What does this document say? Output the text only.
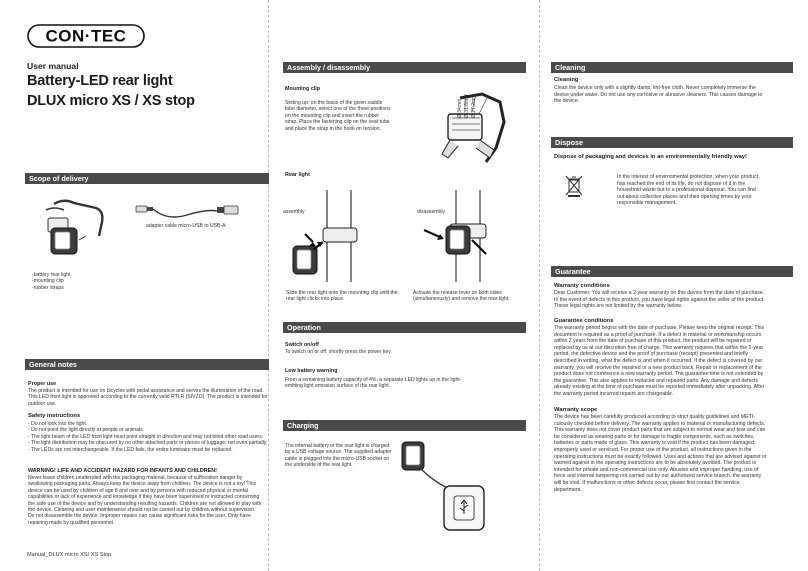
CON·TEC
User manual
Battery-LED rear light
DLUX micro XS / XS stop
Scope of delivery
adapter cable micro-USB to USB-A
-battery rear light
-mounting clip
-rubber straps
General notes
Proper use
The product is intended for use on bicycles with pedal assistance and serves the illumination of the road.
This LED front light is approved according to the currently valid RTLR (StVZO). The product is intended for
outdoor use.
Safety instructions
- Do not look into the light.
- Do not point the light directly at people or animals.
- The light beam of the LED front light must point straight in direction and may not blind other road users.
- The light distribution may be obscured by no other attached parts or pieces of luggage, not even partially.
- The LEDs are not interchangeable. If the LED fails, the entire luminaire must be replaced.
WARNING! LIFE AND ACCIDENT HAZARD FOR INFANTS AND CHILDREN!
Never leave children unattended with the packaging material, because of suffocation danger by
swallowing packaging parts. Always keep the device away from children. The device is not a toy! This
device can be used by children of age 8 and over and by persons with reduced physical or mental
capabilities or lack of experience and knowledge if they have been supervised or instructed concerning
the safe use of the device and by understanding resulting hazards. Children are not allowed to play with
the device. Cleaning and user maintenance should not be carried out by children without supervision.
Do not disassemble the device. Improper repairs can cause significant risks for the user. Only have
repairing made by qualified personnel.
Manual_DLUX micro XS/ XS Stop
Assembly / disassembly
Mounting clip
Setting up: on the basis of the given saddle
tube diameter, select one of the three positions
on the mounting clip and insert the rubber
strap. Place the fastening clip on the seat tube
and place the strap in the hook on tension.
Ø 34mm Ø 31.6mm Ø 27.2mm
Rear light
assembly	disassembly
Slide the rear light onto the mounting clip until the
rear light clicks into place.
Activate the release lever on both sides
(simultaneously) and remove the rear light.
Operation
Switch on/off
To switch on or off, shortly press the power key.
Low battery warning
From a remaining battery capacity of 4%, a separate LED lights up in the light-
emitting light emission surface of the rear light.
Charging
The internal battery of the rear light is charged
by a USB voltage source. The supplied adapter
cable is plugged into the micro-USB socket on
the underside of the rear light.
Cleaning
Cleaning
Clean the device only with a slightly damp, lint-free cloth. Never completely immerse the
device under water. Do not use any corrosive or abrasive cleaners. This causes damage to
the device.
Dispose
Dispose of packaging and devices in an environmentally friendly way!
In the interest of environmental protection, when your product
has reached the end of its life, do not dispose of it in the
household waste but to a professional disposal. You can find
out about collective places and their opening times by your
responsible management.
Guarantee
Warranty conditions
Dear Customer, You will receive a 2-year warranty on this device from the date of purchase.
In the event of defects in this product, you have legal rights against the seller of the product.
These legal rights are not limited by the warranty below.
Guarantee conditions
The warranty period begins with the date of purchase. Please keep the original receipt. This
document is required as a proof of purchase. If a defect in material or workmanship occurs
within 2 years from the date of purchase of this product, the product will be repaired or
replaced by us at our discretion free of charge. This warranty requires that within the 2-year
period, the defective device and the proof of purchase (receipt) presented and briefly
described in writing, what the defect is and when it occurred. If the defect is covered by our
warranty, you will receive the repaired or a new product back. Repair or replacement of the
product does not commence a new warranty period. The guarantee time is not extended by
the guarantee. This also applies to replaced and repaired parts. Any damage and defects
already existing at the time of purchase must be reported immediately after unpacking. After
the warranty period incurred repairs are chargeable.
Warranty scope
The device has been carefully produced according to strict quality guidelines and METI-
culously checked before delivery. The warranty applies to material or manufacturing defects.
This warranty does not cover product parts that are subject to normal wear and tear and can
be considered as wearing parts or for damage to fragile components, such as switches,
batteries or parts made of glass. This warranty is void if the product has been damaged,
improperly used or serviced. For proper use of the product, all instructions given in the
operating instructions must be exactly followed. Uses and actions that are advised against or
warned against in the operating instructions are to be absolutely avoided. The product is
intended for private and non-commercial use only. Abusive and improper handling, use of
force and internal tampering not carried out by our authorized service branch, the warranty
will be void. If malfunctions or other defects occur, please first contact the service
department.
